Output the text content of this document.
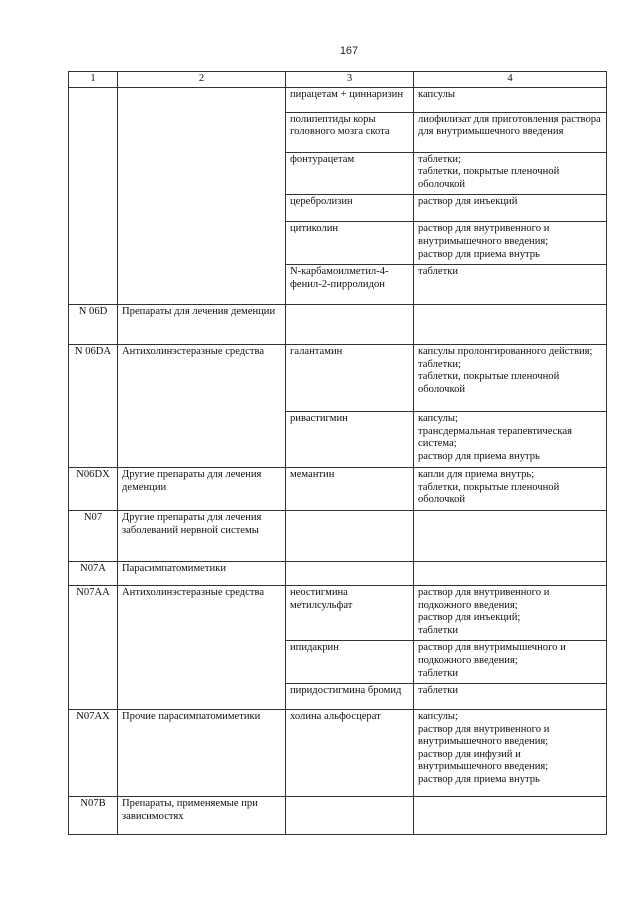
167
1	2	3	4

		пирацетам + циннаризин	капсулы

		полипептиды коры головного мозга скота	лиофилизат для приготовления раствора для внутримышечного введения

		фонтурацетам	таблетки;
таблетки, покрытые пленочной оболочкой

		церебролизин	раствор для инъекций

		цитиколин	раствор для внутривенного и внутримышечного введения;
раствор для приема внутрь

		N-карбамоилметил-4-фенил-2-пирролидон	таблетки

N 06D	Препараты для лечения деменции		

N 06DA	Антихолинэстеразные средства	галантамин	капсулы пролонгированного действия;
таблетки;
таблетки, покрытые пленочной оболочкой

		ривастигмин	капсулы;
трансдермальная терапевтическая система;
раствор для приема внутрь

N06DX	Другие препараты для лечения деменции	мемантин	капли для приема внутрь;
таблетки, покрытые пленочной оболочкой

N07	Другие препараты для лечения заболеваний нервной системы		

N07A	Парасимпатомиметики		

N07AA	Антихолинэстеразные средства	неостигмина метилсульфат	раствор для внутривенного и подкожного введения;
раствор для инъекций;
таблетки

		ипидакрин	раствор для внутримышечного и подкожного введения;
таблетки

		пиридостигмина бромид	таблетки

N07AX	Прочие парасимпатомиметики	холина альфосцерат	капсулы;
раствор для внутривенного и внутримышечного введения;
раствор для инфузий и внутримышечного введения;
раствор для приема внутрь

N07B	Препараты, применяемые при зависимостях		
